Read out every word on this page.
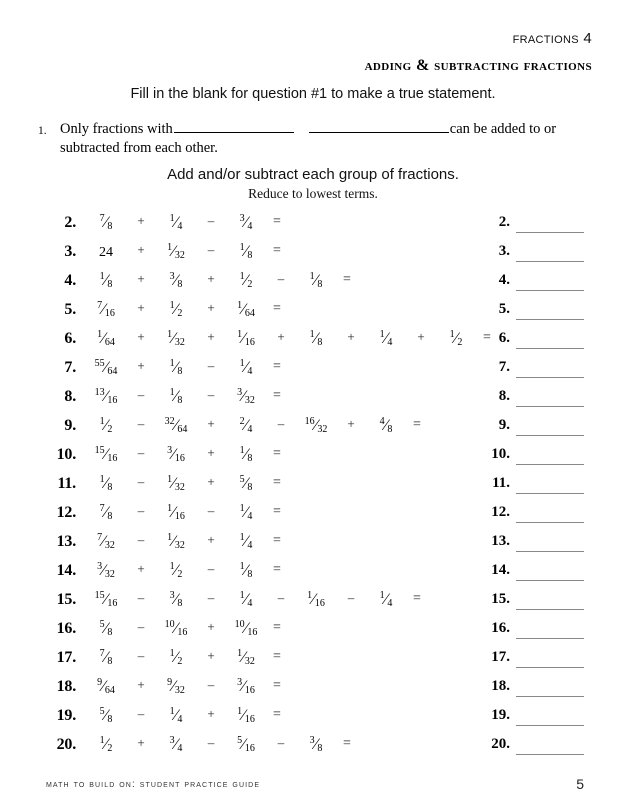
fractions 4
adding & subtracting fractions
Fill in the blank for question #1 to make a true statement.
1. Only fractions with	can be added to or
subtracted from each other.
Add and/or subtract each group of fractions.
Reduce to lowest terms.
2.	$^7$⁄8 + $^1$⁄4 –	$^3$⁄4 =
3.	24 + $^1$⁄32 –	$^1$⁄8 =
4.	$^1$⁄8 + $^3$⁄8 + $^1$⁄2 –	$^1$⁄8 =
5.	$^7$⁄16 + $^1$⁄2 + $^1$⁄64 =
6.	$^1$⁄64 + $^1$⁄32 + $^1$⁄16 + $^1$⁄8 + $^1$⁄4 + $^1$⁄2 =
7.	$^{55}$⁄64 + $^1$⁄8 –	$^1$⁄4 =
8.	$^{13}$⁄16 –	$^1$⁄8 – $^3$⁄32 =
9.	$^1$⁄2 – $^{32}$⁄64 + $^2$⁄4 – $^{16}$⁄32 + $^4$⁄8 =
10.	$^{15}$⁄16 – $^3$⁄16 + $^1$⁄8 =
11.	$^1$⁄8 – $^1$⁄32 + $^5$⁄8 =
12.	$^7$⁄8 – $^1$⁄16 –	$^1$⁄4 =
13.	$^7$⁄32 – $^1$⁄32 + $^1$⁄4 =
14.	$^3$⁄32 + $^1$⁄2 –	$^1$⁄8 =
15.	$^{15}$⁄16 –	$^3$⁄8 –	$^1$⁄4 – $^1$⁄16 –	$^1$⁄4 =
16.	$^5$⁄8 – $^{10}$⁄16 + $^{10}$⁄16 =
17.	$^7$⁄8 –	$^1$⁄2 + $^1$⁄32 =
18.	$^9$⁄64 + $^9$⁄32 – $^3$⁄16 =
19.	$^5$⁄8 –	$^1$⁄4 + $^1$⁄16 =
20.	$^1$⁄2 + $^3$⁄4 – $^5$⁄16 –	$^3$⁄8 =
2.
3.
4.
5.
6.
7.
8.
9.
10.
11.
12.
13.
14.
15.
16.
17.
18.
19.
20.
math to build on: student practice guide	5
